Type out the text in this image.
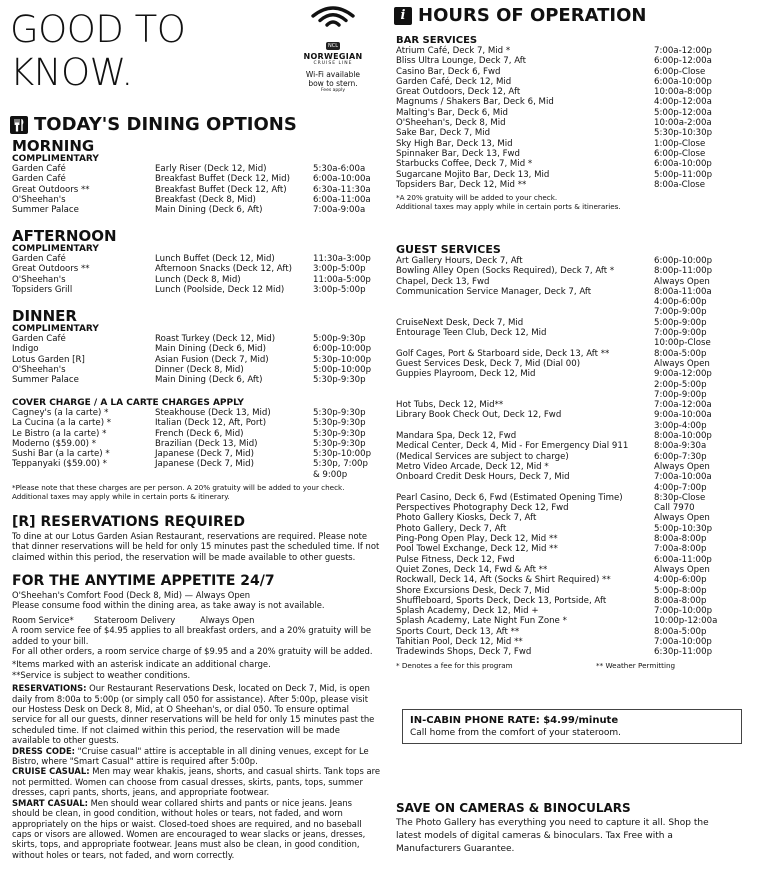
GOOD TO
KNOW.
NCL
NORWEGIAN
CRUISE LINE
Wi-Fi available
bow to stern.
Fees apply
TODAY'S DINING OPTIONS
MORNING
COMPLIMENTARY
Garden Café	Early Riser (Deck 12, Mid)	5:30a-6:00a
Garden Café	Breakfast Buffet (Deck 12, Mid)	6:00a-10:00a
Great Outdoors **	Breakfast Buffet (Deck 12, Aft)	6:30a-11:30a
O'Sheehan's	Breakfast (Deck 8, Mid)	6:00a-11:00a
Summer Palace	Main Dining (Deck 6, Aft)	7:00a-9:00a
AFTERNOON
COMPLIMENTARY
Garden Café	Lunch Buffet (Deck 12, Mid)	11:30a-3:00p
Great Outdoors **	Afternoon Snacks (Deck 12, Aft) 3:00p-5:00p
O'Sheehan's	Lunch (Deck 8, Mid)	11:00a-5:00p
Topsiders Grill	Lunch (Poolside, Deck 12 Mid)	3:00p-5:00p
DINNER
COMPLIMENTARY
Garden Café	Roast Turkey (Deck 12, Mid)	5:00p-9:30p
Indigo	Main Dining (Deck 6, Mid)	6:00p-10:00p
Lotus Garden [R]	Asian Fusion (Deck 7, Mid)	5:30p-10:00p
O'Sheehan's	Dinner (Deck 8, Mid)	5:00p-10:00p
Summer Palace	Main Dining (Deck 6, Aft)	5:30p-9:30p
COVER CHARGE / A LA CARTE CHARGES APPLY
Cagney's (a la carte) *	Steakhouse (Deck 13, Mid)	5:30p-9:30p
La Cucina (a la carte) *	Italian (Deck 12, Aft, Port)	5:30p-9:30p
Le Bistro (a la carte) *	French (Deck 6, Mid)	5:30p-9:30p
Moderno ($59.00) *	Brazilian (Deck 13, Mid)	5:30p-9:30p
Sushi Bar (a la carte) *	Japanese (Deck 7, Mid)	5:30p-10:00p
Teppanyaki ($59.00) *	Japanese (Deck 7, Mid)	5:30p, 7:00p
& 9:00p
*Please note that these charges are per person. A 20% gratuity will be added to your check.
Additional taxes may apply while in certain ports & itinerary.
[R] RESERVATIONS REQUIRED
To dine at our Lotus Garden Asian Restaurant, reservations are required. Please note
that dinner reservations will be held for only 15 minutes past the scheduled time. If not
claimed within this period, the reservation will be made available to other guests.
FOR THE ANYTIME APPETITE 24/7
O'Sheehan's Comfort Food (Deck 8, Mid) — Always Open
Please consume food within the dining area, as take away is not available.
Room Service* Stateroom Delivery	Always Open
A room service fee of $4.95 applies to all breakfast orders, and a 20% gratuity will be
added to your bill.
For all other orders, a room service charge of $9.95 and a 20% gratuity will be added.
*Items marked with an asterisk indicate an additional charge.
**Service is subject to weather conditions.
RESERVATIONS: Our Restaurant Reservations Desk, located on Deck 7, Mid, is open
daily from 8:00a to 5:00p (or simply call 050 for assistance). After 5:00p, please visit
our Hostess Desk on Deck 8, Mid, at O Sheehan's, or dial 050. To ensure optimal
service for all our guests, dinner reservations will be held for only 15 minutes past the
scheduled time. If not claimed within this period, the reservation will be made
available to other guests.
DRESS CODE: "Cruise casual" attire is acceptable in all dining venues, except for Le
Bistro, where "Smart Casual" attire is required after 5:00p.
CRUISE CASUAL: Men may wear khakis, jeans, shorts, and casual shirts. Tank tops are
not permitted. Women can choose from casual dresses, skirts, pants, tops, summer
dresses, capri pants, shorts, jeans, and appropriate footwear.
SMART CASUAL: Men should wear collared shirts and pants or nice jeans. Jeans
should be clean, in good condition, without holes or tears, not faded, and worn
appropriately on the hips or waist. Closed-toed shoes are required, and no baseball
caps or visors are allowed. Women are encouraged to wear slacks or jeans, dresses,
skirts, tops, and appropriate footwear. Jeans must also be clean, in good condition,
without holes or tears, not faded, and worn correctly.
i HOURS OF OPERATION
BAR SERVICES
Atrium Café, Deck 7, Mid *	7:00a-12:00p
Bliss Ultra Lounge, Deck 7, Aft	6:00p-12:00a
Casino Bar, Deck 6, Fwd	6:00p-Close
Garden Café, Deck 12, Mid	6:00a-10:00p
Great Outdoors, Deck 12, Aft	10:00a-8:00p
Magnums / Shakers Bar, Deck 6, Mid	4:00p-12:00a
Malting's Bar, Deck 6, Mid	5:00p-12:00a
O'Sheehan's, Deck 8, Mid	10:00a-2:00a
Sake Bar, Deck 7, Mid	5:30p-10:30p
Sky High Bar, Deck 13, Mid	1:00p-Close
Spinnaker Bar, Deck 13, Fwd	6:00p-Close
Starbucks Coffee, Deck 7, Mid *	6:00a-10:00p
Sugarcane Mojito Bar, Deck 13, Mid	5:00p-11:00p
Topsiders Bar, Deck 12, Mid **	8:00a-Close
*A 20% gratuity will be added to your check.
Additional taxes may apply while in certain ports & itineraries.
GUEST SERVICES
Art Gallery Hours, Deck 7, Aft	6:00p-10:00p
Bowling Alley Open (Socks Required), Deck 7, Aft *	8:00p-11:00p
Chapel, Deck 13, Fwd	Always Open
Communication Service Manager, Deck 7, Aft	8:00a-11:00a
4:00p-6:00p
7:00p-9:00p
CruiseNext Desk, Deck 7, Mid	5:00p-9:00p
Entourage Teen Club, Deck 12, Mid	7:00p-9:00p
10:00p-Close
Golf Cages, Port & Starboard side, Deck 13, Aft **	8:00a-5:00p
Guest Services Desk, Deck 7, Mid (Dial 00)	Always Open
Guppies Playroom, Deck 12, Mid	9:00a-12:00p
2:00p-5:00p
7:00p-9:00p
Hot Tubs, Deck 12, Mid**	7:00a-12:00a
Library Book Check Out, Deck 12, Fwd	9:00a-10:00a
3:00p-4:00p
Mandara Spa, Deck 12, Fwd	8:00a-10:00p
Medical Center, Deck 4, Mid - For Emergency Dial 911	8:00a-9:30a
(Medical Services are subject to charge)	6:00p-7:30p
Metro Video Arcade, Deck 12, Mid *	Always Open
Onboard Credit Desk Hours, Deck 7, Mid	7:00a-10:00a
4:00p-7:00p
Pearl Casino, Deck 6, Fwd (Estimated Opening Time)	8:30p-Close
Perspectives Photography Deck 12, Fwd	Call 7970
Photo Gallery Kiosks, Deck 7, Aft	Always Open
Photo Gallery, Deck 7, Aft	5:00p-10:30p
Ping-Pong Open Play, Deck 12, Mid **	8:00a-8:00p
Pool Towel Exchange, Deck 12, Mid **	7:00a-8:00p
Pulse Fitness, Deck 12, Fwd	6:00a-11:00p
Quiet Zones, Deck 14, Fwd & Aft **	Always Open
Rockwall, Deck 14, Aft (Socks & Shirt Required) **	4:00p-6:00p
Shore Excursions Desk, Deck 7, Mid	5:00p-8:00p
Shuffleboard, Sports Deck, Deck 13, Portside, Aft	8:00a-8:00p
Splash Academy, Deck 12, Mid +	7:00p-10:00p
Splash Academy, Late Night Fun Zone *	10:00p-12:00a
Sports Court, Deck 13, Aft **	8:00a-5:00p
Tahitian Pool, Deck 12, Mid **	7:00a-10:00p
Tradewinds Shops, Deck 7, Fwd	6:30p-11:00p
* Denotes a fee for this program	** Weather Permitting
IN-CABIN PHONE RATE: $4.99/minute
Call home from the comfort of your stateroom.
SAVE ON CAMERAS & BINOCULARS
The Photo Gallery has everything you need to capture it all. Shop the
latest models of digital cameras & binoculars. Tax Free with a
Manufacturers Guarantee.
